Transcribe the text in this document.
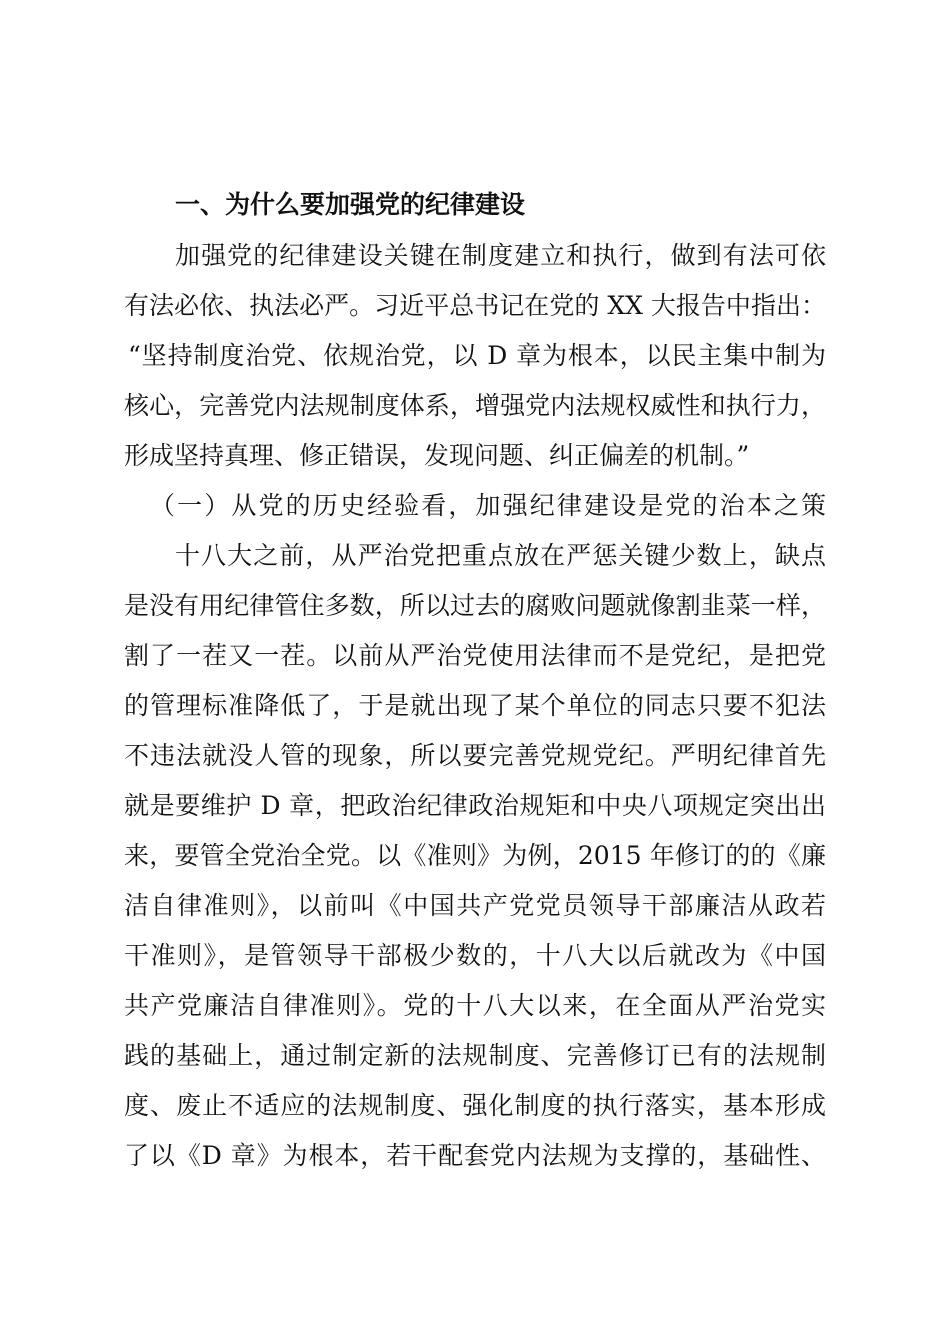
一、为什么要加强党的纪律建设
加强党的纪律建设关键在制度建立和执行，做到有法可依
有法必依、执法必严。习近平总书记在党的 XX 大报告中指出：
“坚持制度治党、依规治党，以 D 章为根本，以民主集中制为
核心，完善党内法规制度体系，增强党内法规权威性和执行力，
形成坚持真理、修正错误，发现问题、纠正偏差的机制。”
（一）从党的历史经验看，加强纪律建设是党的治本之策
十八大之前，从严治党把重点放在严惩关键少数上，缺点
是没有用纪律管住多数，所以过去的腐败问题就像割韭菜一样，
割了一茬又一茬。以前从严治党使用法律而不是党纪，是把党
的管理标准降低了，于是就出现了某个单位的同志只要不犯法
不违法就没人管的现象，所以要完善党规党纪。严明纪律首先
就是要维护 D 章，把政治纪律政治规矩和中央八项规定突出出
来，要管全党治全党。以《准则》为例，2015 年修订的的《廉
洁自律准则》，以前叫《中国共产党党员领导干部廉洁从政若
干准则》，是管领导干部极少数的，十八大以后就改为《中国
共产党廉洁自律准则》。党的十八大以来，在全面从严治党实
践的基础上，通过制定新的法规制度、完善修订已有的法规制
度、废止不适应的法规制度、强化制度的执行落实，基本形成
了以《D 章》为根本，若干配套党内法规为支撑的，基础性、
